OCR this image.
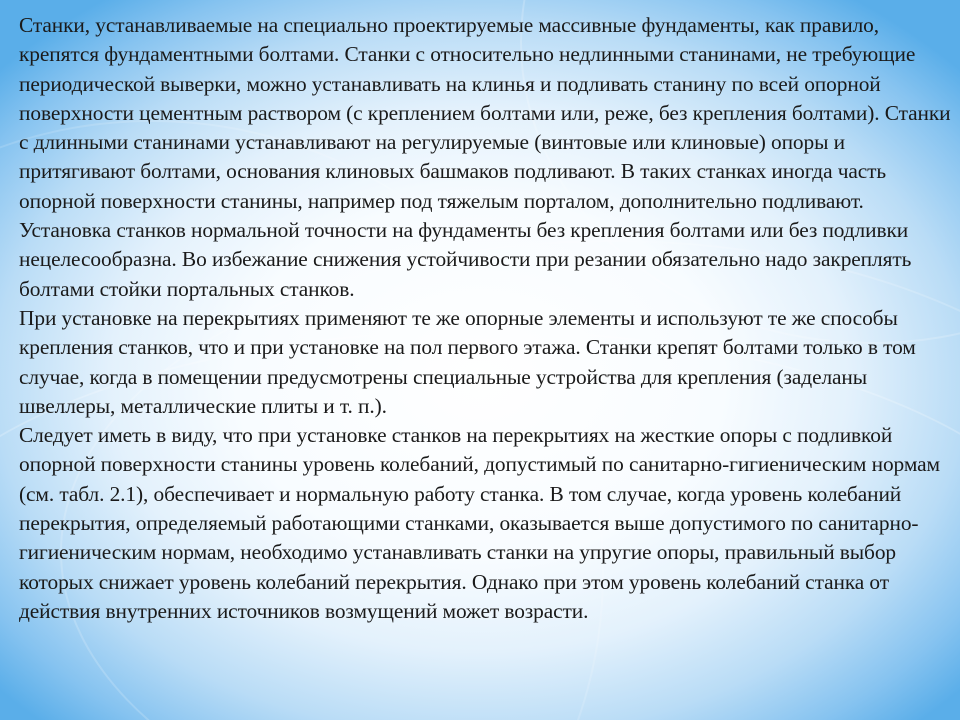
Станки, устанавливаемые на специально проектируемые массивные фундаменты, как правило, крепятся фундаментными болтами. Станки с относительно недлинными станинами, не требующие периодической выверки, можно устанавливать на клинья и подливать станину по всей опорной поверхности цементным раствором (с креплением болтами или, реже, без крепления болтами). Станки с длинными станинами устанавливают на регулируемые (винтовые или клиновые) опоры и притягивают болтами, основания клиновых башмаков подливают. В таких станках иногда часть опорной поверхности станины, например под тяжелым порталом, дополнительно подливают. Установка станков нормальной точности на фундаменты без крепления болтами или без подливки нецелесообразна. Во избежание снижения устойчивости при резании обязательно надо закреплять болтами стойки портальных станков.

При установке на перекрытиях применяют те же опорные элементы и используют те же способы крепления станков, что и при установке на пол первого этажа. Станки крепят болтами только в том случае, когда в помещении предусмотрены специальные устройства для крепления (заделаны швеллеры, металлические плиты и т. п.).

Следует иметь в виду, что при установке станков на перекрытиях на жесткие опоры с подливкой опорной поверхности станины уровень колебаний, допустимый по санитарно-гигиеническим нормам (см. табл. 2.1), обеспечивает и нормальную работу станка. В том случае, когда уровень колебаний перекрытия, определяемый работающими станками, оказывается выше допустимого по санитарно-гигиеническим нормам, необходимо устанавливать станки на упругие опоры, правильный выбор которых снижает уровень колебаний перекрытия. Однако при этом уровень колебаний станка от действия внутренних источников возмущений может возрасти.
